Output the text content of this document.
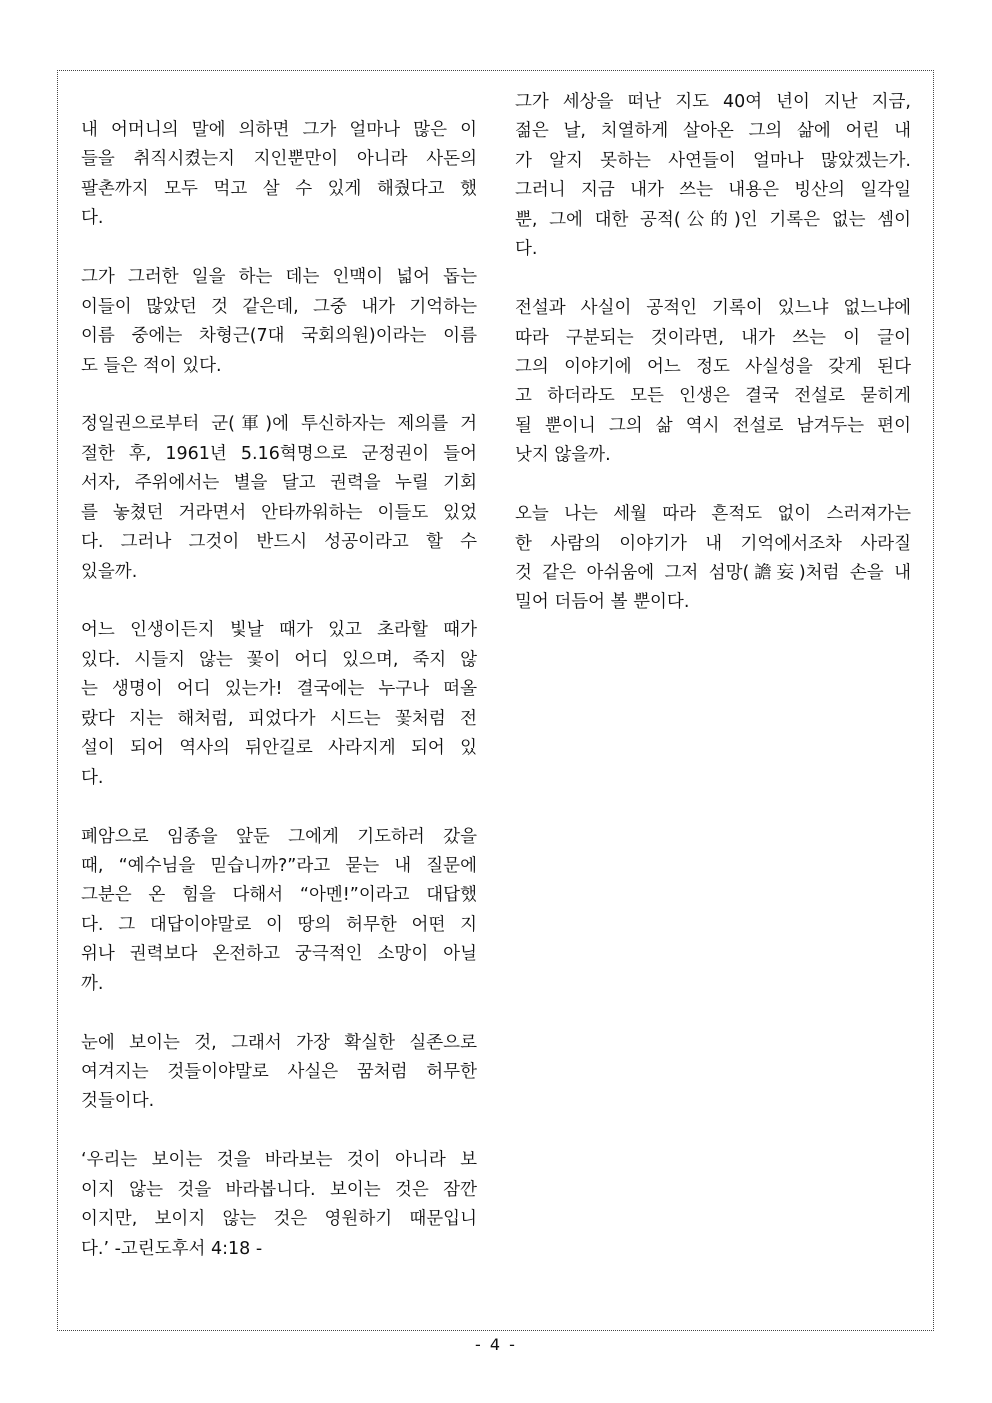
내 어머니의 말에 의하면 그가 얼마나 많은 이
들을 취직시켰는지 지인뿐만이 아니라 사돈의
팔촌까지 모두 먹고 살 수 있게 해줬다고 했
다.
그가 그러한 일을 하는 데는 인맥이 넓어 돕는
이들이 많았던 것 같은데, 그중 내가 기억하는
이름 중에는 차형근(7대 국회의원)이라는 이름
도 들은 적이 있다.
정일권으로부터 군(軍)에 투신하자는 제의를 거
절한 후, 1961년 5.16혁명으로 군정권이 들어
서자, 주위에서는 별을 달고 권력을 누릴 기회
를 놓쳤던 거라면서 안타까워하는 이들도 있었
다. 그러나 그것이 반드시 성공이라고 할 수
있을까.
어느 인생이든지 빛날 때가 있고 초라할 때가
있다. 시들지 않는 꽃이 어디 있으며, 죽지 않
는 생명이 어디 있는가! 결국에는 누구나 떠올
랐다 지는 해처럼, 피었다가 시드는 꽃처럼 전
설이 되어 역사의 뒤안길로 사라지게 되어 있
다.
폐암으로 임종을 앞둔 그에게 기도하러 갔을
때, “예수님을 믿습니까?”라고 묻는 내 질문에
그분은 온 힘을 다해서 “아멘!”이라고 대답했
다. 그 대답이야말로 이 땅의 허무한 어떤 지
위나 권력보다 온전하고 궁극적인 소망이 아닐
까.
눈에 보이는 것, 그래서 가장 확실한 실존으로
여겨지는 것들이야말로 사실은 꿈처럼 허무한
것들이다.
‘우리는 보이는 것을 바라보는 것이 아니라 보
이지 않는 것을 바라봅니다. 보이는 것은 잠깐
이지만, 보이지 않는 것은 영원하기 때문입니
다.’ -고린도후서 4:18 -
그가 세상을 떠난 지도 40여 년이 지난 지금,
젊은 날, 치열하게 살아온 그의 삶에 어린 내
가 알지 못하는 사연들이 얼마나 많았겠는가.
그러니 지금 내가 쓰는 내용은 빙산의 일각일
뿐, 그에 대한 공적(公的)인 기록은 없는 셈이
다.
전설과 사실이 공적인 기록이 있느냐 없느냐에
따라 구분되는 것이라면, 내가 쓰는 이 글이
그의 이야기에 어느 정도 사실성을 갖게 된다
고 하더라도 모든 인생은 결국 전설로 묻히게
될 뿐이니 그의 삶 역시 전설로 남겨두는 편이
낫지 않을까.
오늘 나는 세월 따라 흔적도 없이 스러져가는
한 사람의 이야기가 내 기억에서조차 사라질
것 같은 아쉬움에 그저 섬망(譫妄)처럼 손을 내
밀어 더듬어 볼 뿐이다.
- 4 -
